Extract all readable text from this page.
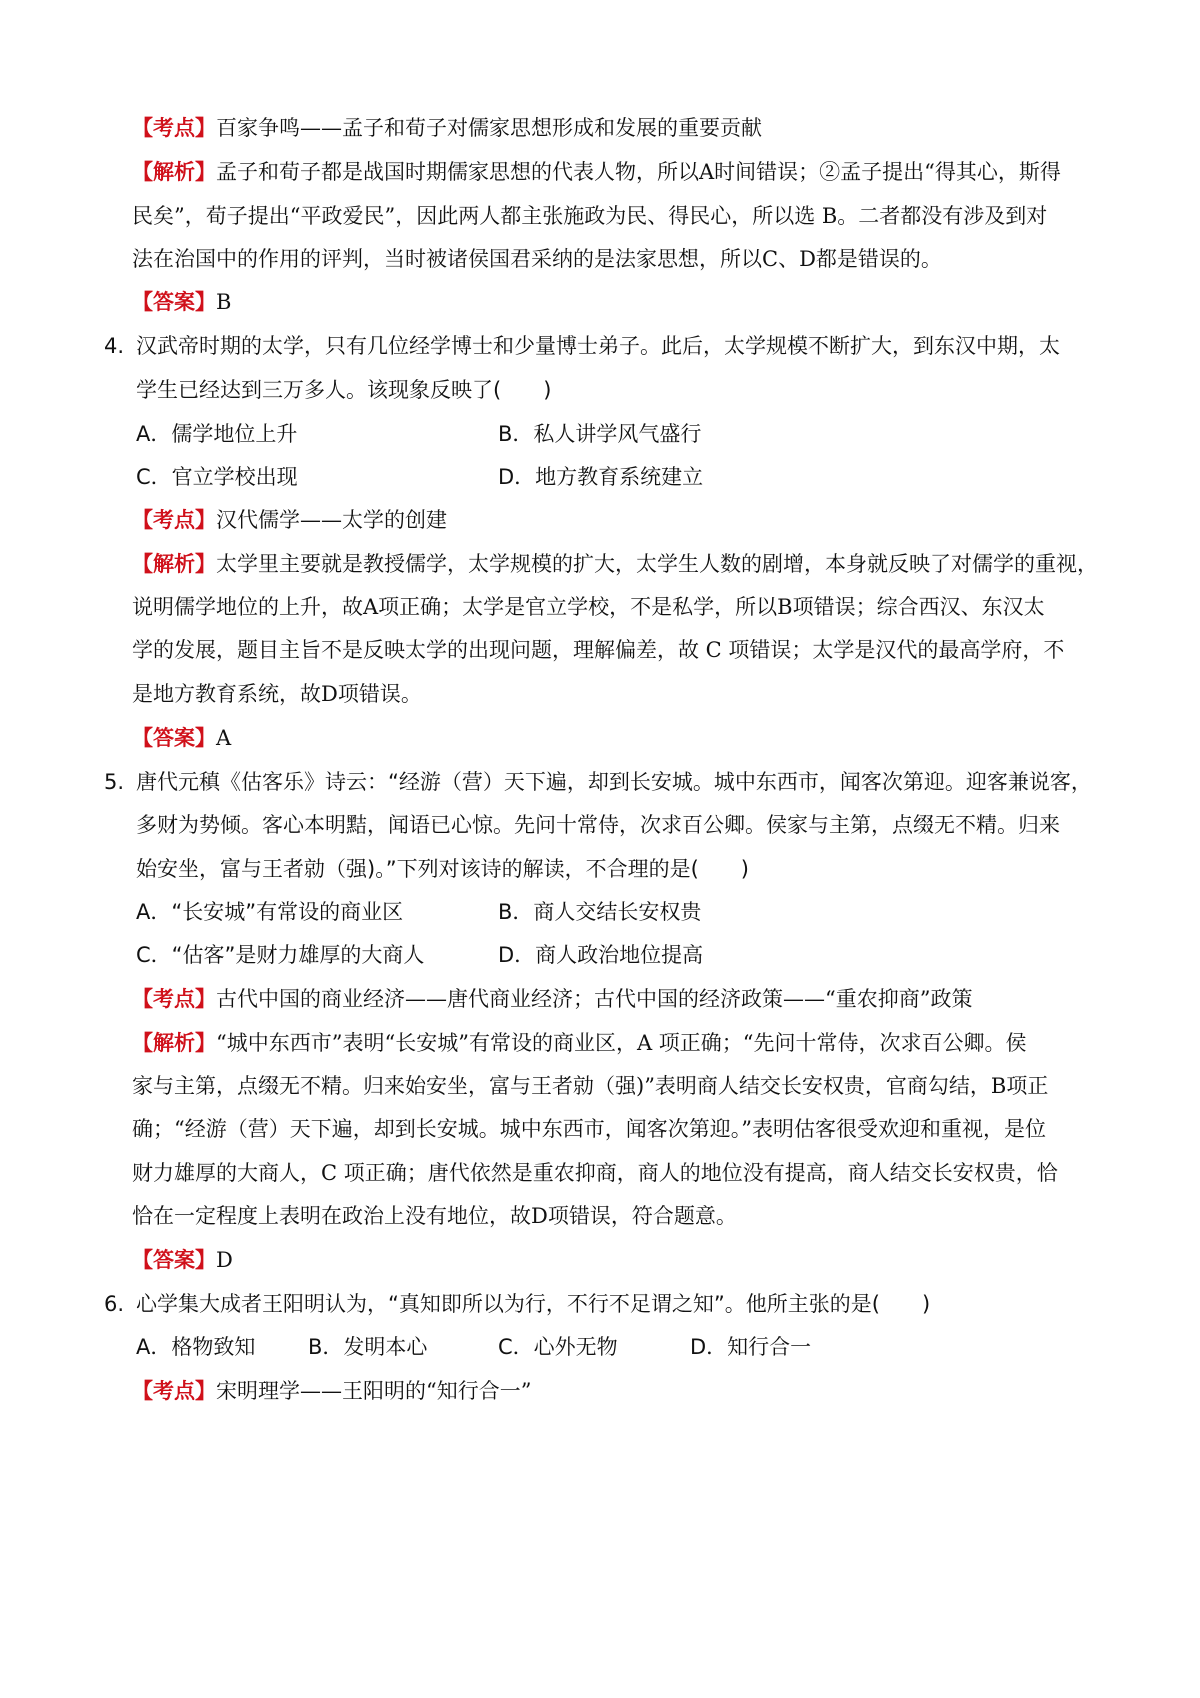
【考点】百家争鸣——孟子和荀子对儒家思想形成和发展的重要贡献
【解析】孟子和荀子都是战国时期儒家思想的代表人物，所以A时间错误；②孟子提出“得其心，斯得
民矣”，荀子提出“平政爱民”，因此两人都主张施政为民、得民心，所以选 B。二者都没有涉及到对
法在治国中的作用的评判，当时被诸侯国君采纳的是法家思想，所以C、D都是错误的。
【答案】B
4. 汉武帝时期的太学，只有几位经学博士和少量博士弟子。此后，太学规模不断扩大，到东汉中期，太
学生已经达到三万多人。该现象反映了(　　)
A．儒学地位上升	B．私人讲学风气盛行
C．官立学校出现	D．地方教育系统建立
【考点】汉代儒学——太学的创建
【解析】太学里主要就是教授儒学，太学规模的扩大，太学生人数的剧增，本身就反映了对儒学的重视，
说明儒学地位的上升，故A项正确；太学是官立学校，不是私学，所以B项错误；综合西汉、东汉太
学的发展，题目主旨不是反映太学的出现问题，理解偏差，故 C 项错误；太学是汉代的最高学府，不
是地方教育系统，故D项错误。
【答案】A
5. 唐代元稹《估客乐》诗云：“经游（营）天下遍，却到长安城。城中东西市，闻客次第迎。迎客兼说客，
多财为势倾。客心本明黠，闻语已心惊。先问十常侍，次求百公卿。侯家与主第，点缀无不精。归来
始安坐，富与王者勍（强)。”下列对该诗的解读，不合理的是(　　)
A．“长安城”有常设的商业区	B．商人交结长安权贵
C．“估客”是财力雄厚的大商人	D．商人政治地位提高
【考点】古代中国的商业经济——唐代商业经济；古代中国的经济政策——“重农抑商”政策
【解析】“城中东西市”表明“长安城”有常设的商业区，A 项正确；“先问十常侍，次求百公卿。侯
家与主第，点缀无不精。归来始安坐，富与王者勍（强)”表明商人结交长安权贵，官商勾结，B项正
确；“经游（营）天下遍，却到长安城。城中东西市，闻客次第迎。”表明估客很受欢迎和重视，是位
财力雄厚的大商人，C 项正确；唐代依然是重农抑商，商人的地位没有提高，商人结交长安权贵，恰
恰在一定程度上表明在政治上没有地位，故D项错误，符合题意。
【答案】D
6. 心学集大成者王阳明认为，“真知即所以为行，不行不足谓之知”。他所主张的是(　　)
A．格物致知	B．发明本心	C．心外无物	D．知行合一
【考点】宋明理学——王阳明的“知行合一”
